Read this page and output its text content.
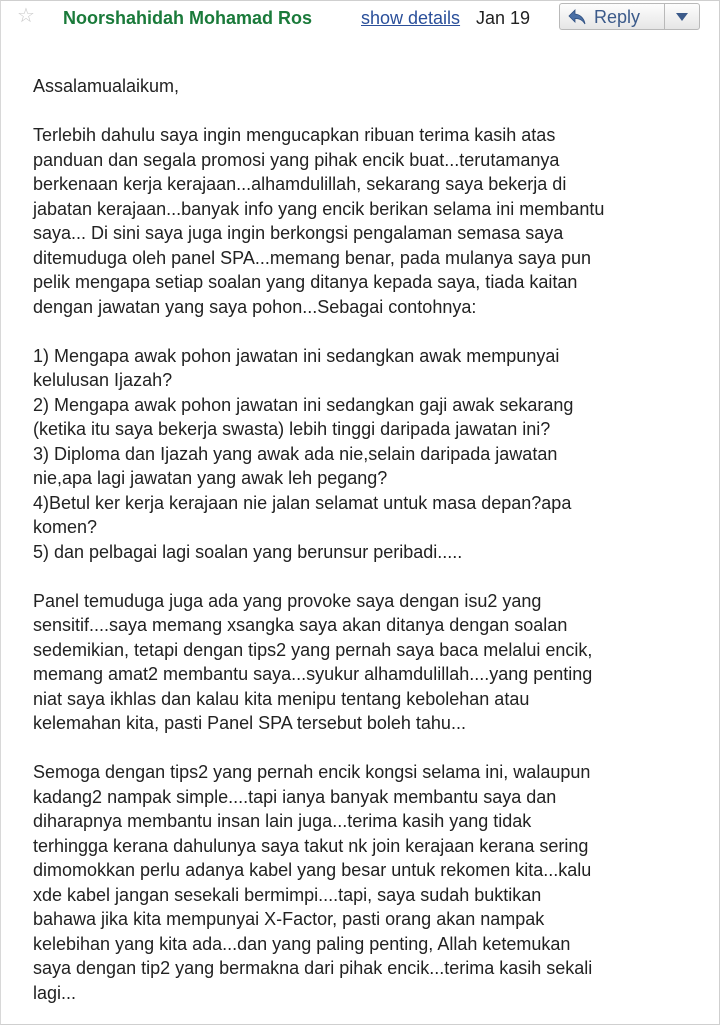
☆ Noorshahidah Mohamad Ros	show details Jan 19	Reply

Assalamualaikum,

Terlebih dahulu saya ingin mengucapkan ribuan terima kasih atas
panduan dan segala promosi yang pihak encik buat...terutamanya
berkenaan kerja kerajaan...alhamdulillah, sekarang saya bekerja di
jabatan kerajaan...banyak info yang encik berikan selama ini membantu
saya... Di sini saya juga ingin berkongsi pengalaman semasa saya
ditemuduga oleh panel SPA...memang benar, pada mulanya saya pun
pelik mengapa setiap soalan yang ditanya kepada saya, tiada kaitan
dengan jawatan yang saya pohon...Sebagai contohnya:

1) Mengapa awak pohon jawatan ini sedangkan awak mempunyai
kelulusan Ijazah?
2) Mengapa awak pohon jawatan ini sedangkan gaji awak sekarang
(ketika itu saya bekerja swasta) lebih tinggi daripada jawatan ini?
3) Diploma dan Ijazah yang awak ada nie,selain daripada jawatan
nie,apa lagi jawatan yang awak leh pegang?
4)Betul ker kerja kerajaan nie jalan selamat untuk masa depan?apa
komen?
5) dan pelbagai lagi soalan yang berunsur peribadi.....

Panel temuduga juga ada yang provoke saya dengan isu2 yang
sensitif....saya memang xsangka saya akan ditanya dengan soalan
sedemikian, tetapi dengan tips2 yang pernah saya baca melalui encik,
memang amat2 membantu saya...syukur alhamdulillah....yang penting
niat saya ikhlas dan kalau kita menipu tentang kebolehan atau
kelemahan kita, pasti Panel SPA tersebut boleh tahu...

Semoga dengan tips2 yang pernah encik kongsi selama ini, walaupun
kadang2 nampak simple....tapi ianya banyak membantu saya dan
diharapnya membantu insan lain juga...terima kasih yang tidak
terhingga kerana dahulunya saya takut nk join kerajaan kerana sering
dimomokkan perlu adanya kabel yang besar untuk rekomen kita...kalu
xde kabel jangan sesekali bermimpi....tapi, saya sudah buktikan
bahawa jika kita mempunyai X-Factor, pasti orang akan nampak
kelebihan yang kita ada...dan yang paling penting, Allah ketemukan
saya dengan tip2 yang bermakna dari pihak encik...terima kasih sekali
lagi...
